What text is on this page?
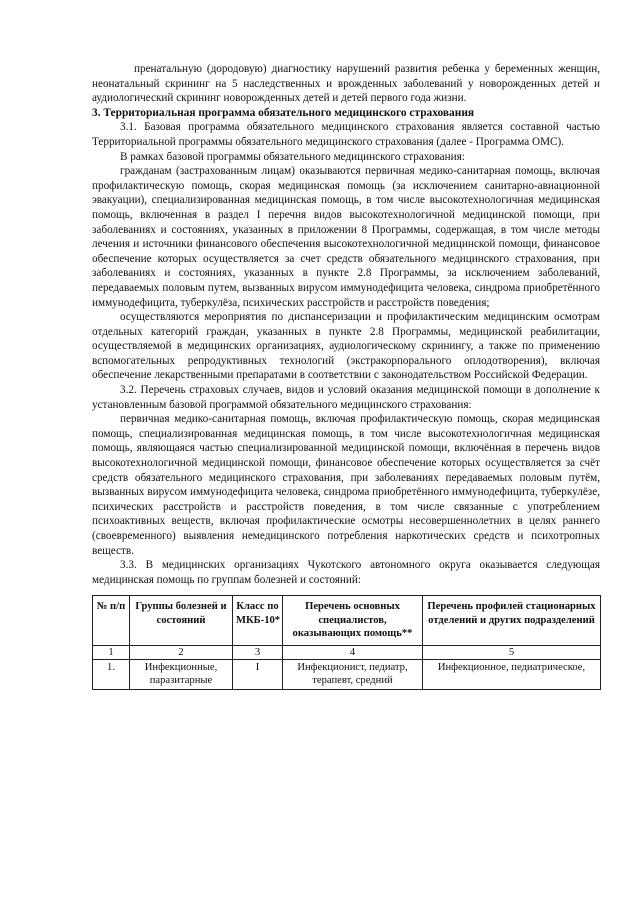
пренатальную (дородовую) диагностику нарушений развития ребенка у беременных женщин, неонатальный скрининг на 5 наследственных и врожденных заболеваний у новорожденных детей и аудиологический скрининг новорожденных детей и детей первого года жизни.

3. Территориальная программа обязательного медицинского страхования

3.1. Базовая программа обязательного медицинского страхования является составной частью Территориальной программы обязательного медицинского страхования (далее - Программа ОМС).

В рамках базовой программы обязательного медицинского страхования:

гражданам (застрахованным лицам) оказываются первичная медико-санитарная помощь, включая профилактическую помощь, скорая медицинская помощь (за исключением санитарно-авиационной эвакуации), специализированная медицинская помощь, в том числе высокотехнологичная медицинская помощь, включенная в раздел I перечня видов высокотехнологичной медицинской помощи, при заболеваниях и состояниях, указанных в приложении 8 Программы, содержащая, в том числе методы лечения и источники финансового обеспечения высокотехнологичной медицинской помощи, финансовое обеспечение которых осуществляется за счет средств обязательного медицинского страхования, при заболеваниях и состояниях, указанных в пункте 2.8 Программы, за исключением заболеваний, передаваемых половым путем, вызванных вирусом иммунодефицита человека, синдрома приобретённого иммунодефицита, туберкулёза, психических расстройств и расстройств поведения;

осуществляются мероприятия по диспансеризации и профилактическим медицинским осмотрам отдельных категорий граждан, указанных в пункте 2.8 Программы, медицинской реабилитации, осуществляемой в медицинских организациях, аудиологическому скринингу, а также по применению вспомогательных репродуктивных технологий (экстракорпорального оплодотворения), включая обеспечение лекарственными препаратами в соответствии с законодательством Российской Федерации.

3.2. Перечень страховых случаев, видов и условий оказания медицинской помощи в дополнение к установленным базовой программой обязательного медицинского страхования:

первичная медико-санитарная помощь, включая профилактическую помощь, скорая медицинская помощь, специализированная медицинская помощь, в том числе высокотехнологичная медицинская помощь, являющаяся частью специализированной медицинской помощи, включённая в перечень видов высокотехнологичной медицинской помощи, финансовое обеспечение которых осуществляется за счёт средств обязательного медицинского страхования, при заболеваниях передаваемых половым путём, вызванных вирусом иммунодефицита человека, синдрома приобретённого иммунодефицита, туберкулёзе, психических расстройств и расстройств поведения, в том числе связанные с употреблением психоактивных веществ, включая профилактические осмотры несовершеннолетних в целях раннего (своевременного) выявления немедицинского потребления наркотических средств и психотропных веществ.

3.3. В медицинских организациях Чукотского автономного округа оказывается следующая медицинская помощь по группам болезней и состояний:

№ п/п	Группы болезней и состояний	Класс по МКБ-10*	Перечень основных специалистов, оказывающих помощь**	Перечень профилей стационарных отделений и других подразделений
1	2	3	4	5
1.	Инфекционные, паразитарные	I	Инфекционист, педиатр, терапевт, средний	Инфекционное, педиатрическое,
